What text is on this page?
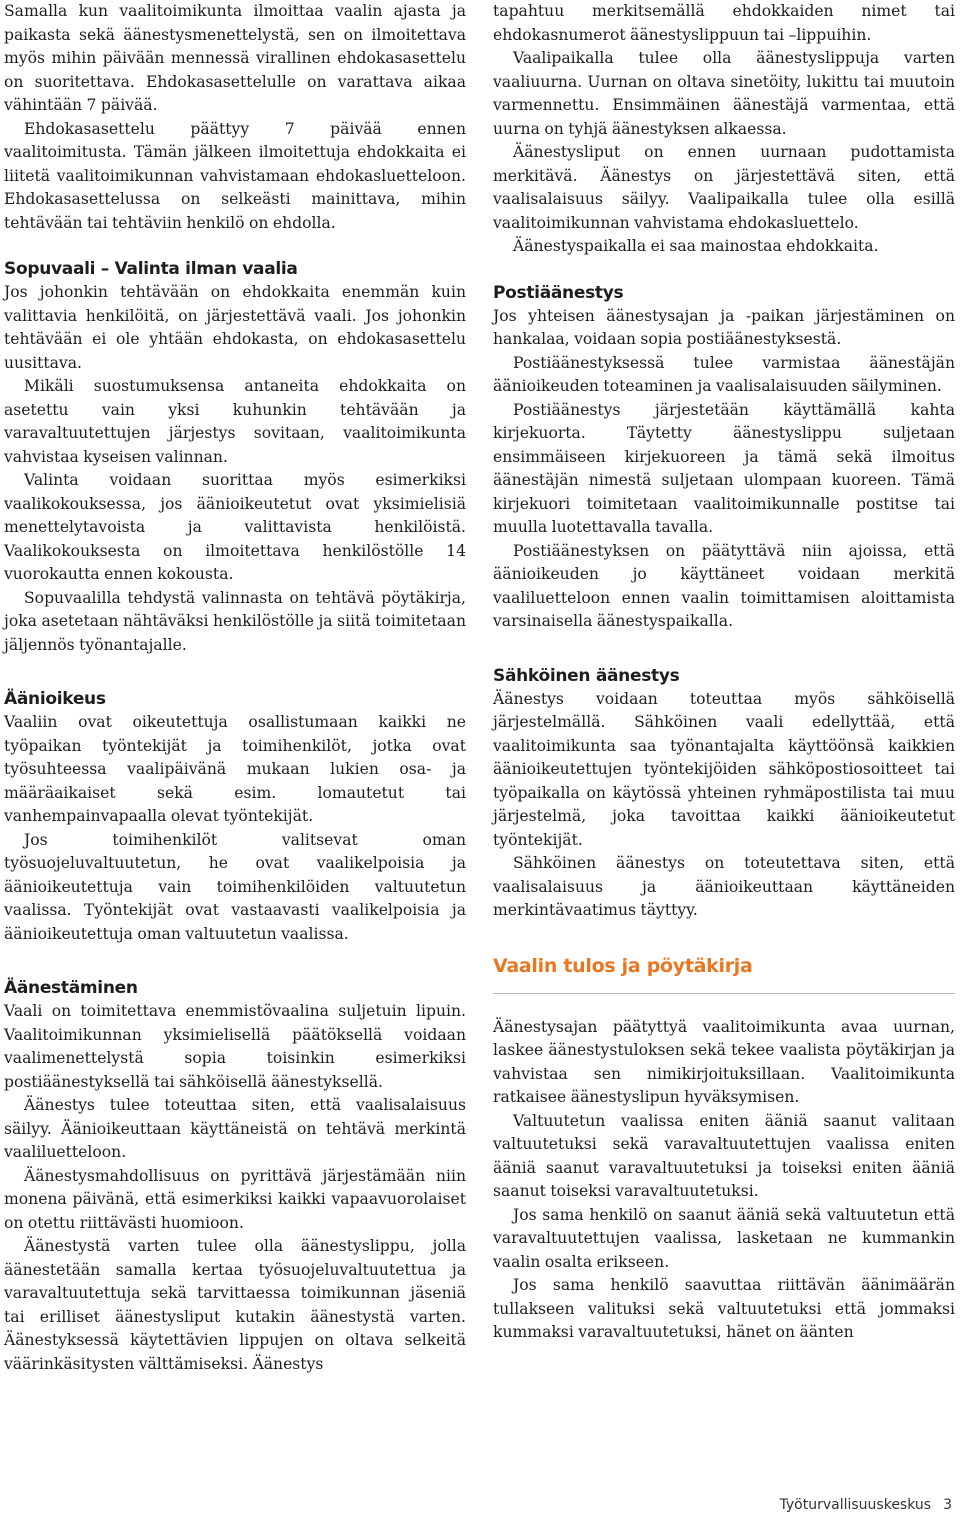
Samalla kun vaalitoimikunta ilmoittaa vaalin ajasta ja paikasta sekä äänestysmenettelystä, sen on ilmoitettava myös mihin päivään mennessä virallinen ehdokasasettelu on suoritettava. Ehdokasasettelulle on varattava aikaa vähintään 7 päivää.

Ehdokasasettelu päättyy 7 päivää ennen vaalitoimitusta. Tämän jälkeen ilmoitettuja ehdokkaita ei liitetä vaalitoimikunnan vahvistamaan ehdokasluetteloon. Ehdokasasettelussa on selkeästi mainittava, mihin tehtävään tai tehtäviin henkilö on ehdolla.

Sopuvaali – Valinta ilman vaalia

Jos johonkin tehtävään on ehdokkaita enemmän kuin valittavia henkilöitä, on järjestettävä vaali. Jos johonkin tehtävään ei ole yhtään ehdokasta, on ehdokasasettelu uusittava.

Mikäli suostumuksensa antaneita ehdokkaita on asetettu vain yksi kuhunkin tehtävään ja varavaltuutettujen järjestys sovitaan, vaalitoimikunta vahvistaa kyseisen valinnan.

Valinta voidaan suorittaa myös esimerkiksi vaalikokouksessa, jos äänioikeutetut ovat yksimielisiä menettelytavoista ja valittavista henkilöistä. Vaalikokouksesta on ilmoitettava henkilöstölle 14 vuorokautta ennen kokousta.

Sopuvaalilla tehdystä valinnasta on tehtävä pöytäkirja, joka asetetaan nähtäväksi henkilöstölle ja siitä toimitetaan jäljennös työnantajalle.

Äänioikeus

Vaaliin ovat oikeutettuja osallistumaan kaikki ne työpaikan työntekijät ja toimihenkilöt, jotka ovat työsuhteessa vaalipäivänä mukaan lukien osa- ja määräaikaiset sekä esim. lomautetut tai vanhempainvapaalla olevat työntekijät.

Jos toimihenkilöt valitsevat oman työsuojeluvaltuutetun, he ovat vaalikelpoisia ja äänioikeutettuja vain toimihenkilöiden valtuutetun vaalissa. Työntekijät ovat vastaavasti vaalikelpoisia ja äänioikeutettuja oman valtuutetun vaalissa.

Äänestäminen

Vaali on toimitettava enemmistövaalina suljetuin lipuin. Vaalitoimikunnan yksimielisellä päätöksellä voidaan vaalimenettelystä sopia toisinkin esimerkiksi postiäänestyksellä tai sähköisellä äänestyksellä.

Äänestys tulee toteuttaa siten, että vaalisalaisuus säilyy. Äänioikeuttaan käyttäneistä on tehtävä merkintä vaaliluetteloon.

Äänestysmahdollisuus on pyrittävä järjestämään niin monena päivänä, että esimerkiksi kaikki vapaavuorolaiset on otettu riittävästi huomioon.

Äänestystä varten tulee olla äänestyslippu, jolla äänestetään samalla kertaa työsuojeluvaltuutettua ja varavaltuutettuja sekä tarvittaessa toimikunnan jäseniä tai erilliset äänestysliput kutakin äänestystä varten. Äänestyksessä käytettävien lippujen on oltava selkeitä väärinkäsitysten välttämiseksi. Äänestys

tapahtuu merkitsemällä ehdokkaiden nimet tai ehdokasnumerot äänestyslippuun tai –lippuihin.

Vaalipaikalla tulee olla äänestyslippuja varten vaaliuurna. Uurnan on oltava sinetöity, lukittu tai muutoin varmennettu. Ensimmäinen äänestäjä varmentaa, että uurna on tyhjä äänestyksen alkaessa.

Äänestysliput on ennen uurnaan pudottamista merkitävä. Äänestys on järjestettävä siten, että vaalisalaisuus säilyy. Vaalipaikalla tulee olla esillä vaalitoimikunnan vahvistama ehdokasluettelo.

Äänestyspaikalla ei saa mainostaa ehdokkaita.

Postiäänestys

Jos yhteisen äänestysajan ja -paikan järjestäminen on hankalaa, voidaan sopia postiäänestyksestä.

Postiäänestyksessä tulee varmistaa äänestäjän äänioikeuden toteaminen ja vaalisalaisuuden säilyminen.

Postiäänestys järjestetään käyttämällä kahta kirjekuorta. Täytetty äänestyslippu suljetaan ensimmäiseen kirjekuoreen ja tämä sekä ilmoitus äänestäjän nimestä suljetaan ulompaan kuoreen. Tämä kirjekuori toimitetaan vaalitoimikunnalle postitse tai muulla luotettavalla tavalla.

Postiäänestyksen on päätyttävä niin ajoissa, että äänioikeuden jo käyttäneet voidaan merkitä vaaliluetteloon ennen vaalin toimittamisen aloittamista varsinaisella äänestyspaikalla.

Sähköinen äänestys

Äänestys voidaan toteuttaa myös sähköisellä järjestelmällä. Sähköinen vaali edellyttää, että vaalitoimikunta saa työnantajalta käyttöönsä kaikkien äänioikeutettujen työntekijöiden sähköpostiosoitteet tai työpaikalla on käytössä yhteinen ryhmäpostilista tai muu järjestelmä, joka tavoittaa kaikki äänioikeutetut työntekijät.

Sähköinen äänestys on toteutettava siten, että vaalisalaisuus ja äänioikeuttaan käyttäneiden merkintävaatimus täyttyy.

Vaalin tulos ja pöytäkirja

Äänestysajan päätyttyä vaalitoimikunta avaa uurnan, laskee äänestystuloksen sekä tekee vaalista pöytäkirjan ja vahvistaa sen nimikirjoituksillaan. Vaalitoimikunta ratkaisee äänestyslipun hyväksymisen.

Valtuutetun vaalissa eniten ääniä saanut valitaan valtuutetuksi sekä varavaltuutettujen vaalissa eniten ääniä saanut varavaltuutetuksi ja toiseksi eniten ääniä saanut toiseksi varavaltuutetuksi.

Jos sama henkilö on saanut ääniä sekä valtuutetun että varavaltuutettujen vaalissa, lasketaan ne kummankin vaalin osalta erikseen.

Jos sama henkilö saavuttaa riittävän äänimäärän tullakseen valituksi sekä valtuutetuksi että jommaksi kummaksi varavaltuutetuksi, hänet on äänten

Työturvallisuuskeskus 3
